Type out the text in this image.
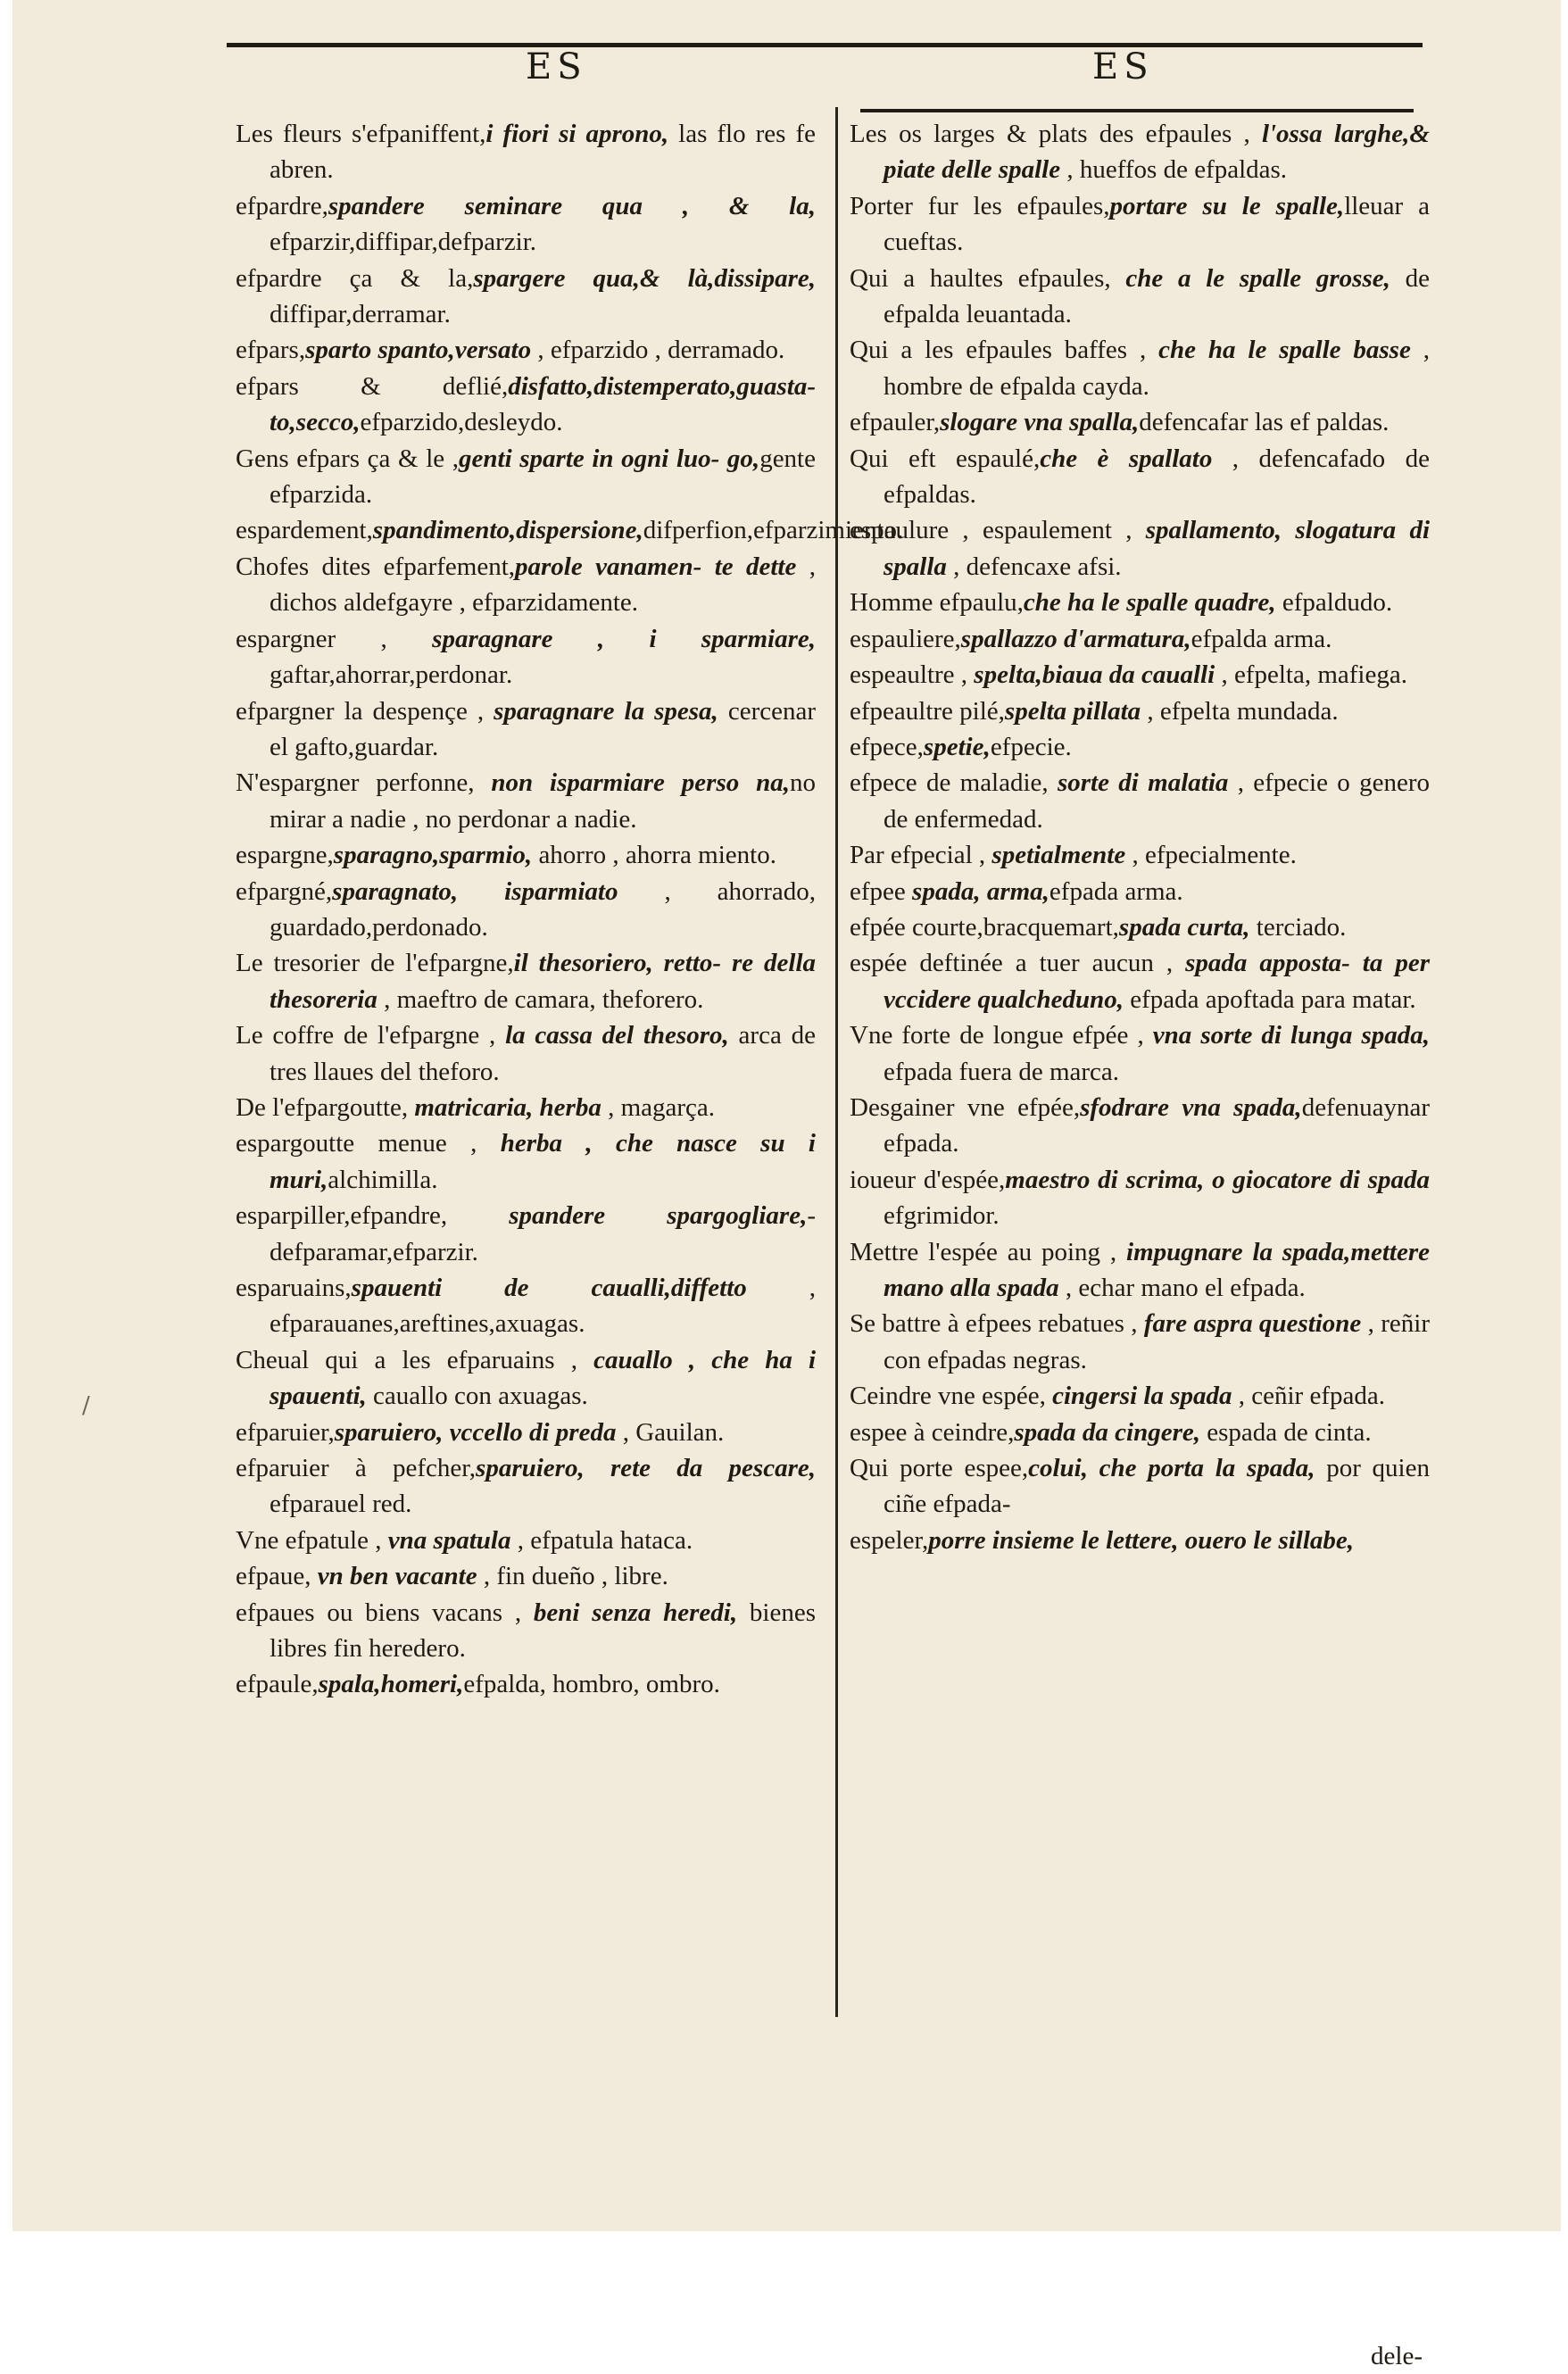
ES	ES
Les fleurs s'efpaniffent,i fiori si aprono, las flo res fe abren.
efpardre,spandere seminare qua , & la, efparzir,diffipar,defparzir.
efpardre ça & la,spargere qua,& là,dissipare, diffipar,derramar.
efpars,sparto spanto,versato , efparzido , derramado.
efpars & deflié,disfatto,distemperato,guasta- to,secco,efparzido,desleydo.
Gens efpars ça & le ,genti sparte in ogni luo- go,gente efparzida.
espardement,spandimento,dispersione,difperfion,efparzimiento.
Chofes dites efparfement,parole vanamen- te dette , dichos aldefgayre , efparzidamente.
espargner , sparagnare , i sparmiare, gaftar,ahorrar,perdonar.
efpargner la despençe , sparagnare la spesa, cercenar el gafto,guardar.
N'espargner perfonne, non isparmiare perso na,no mirar a nadie , no perdonar a nadie.
espargne,sparagno,sparmio, ahorro , ahorra miento.
efpargné,sparagnato, isparmiato , ahorrado, guardado,perdonado.
Le tresorier de l'efpargne,il thesoriero, retto- re della thesoreria , maeftro de camara, theforero.
Le coffre de l'efpargne , la cassa del thesoro, arca de tres llaues del theforo.
De l'efpargoutte, matricaria, herba , magarça.
espargoutte menue , herba , che nasce su i muri,alchimilla.
esparpiller,efpandre, spandere spargogliare,- defparamar,efparzir.
esparuains,spauenti de caualli,diffetto , efparauanes,areftines,axuagas.
Cheual qui a les efparuains , cauallo , che ha i spauenti, cauallo con axuagas.
efparuier,sparuiero, vccello di preda , Gauilan.
efparuier à pefcher,sparuiero, rete da pescare, efparauel red.
Vne efpatule , vna spatula , efpatula hataca.
efpaue, vn ben vacante , fin dueño , libre.
efpaues ou biens vacans , beni senza heredi, bienes libres fin heredero.
efpaule,spala,homeri,efpalda, hombro, ombro.
Les os larges & plats des efpaules , l'ossa larghe,& piate delle spalle , hueffos de efpaldas.
Porter fur les efpaules,portare su le spalle,lleuar a cueftas.
Qui a haultes efpaules, che a le spalle grosse, de efpalda leuantada.
Qui a les efpaules baffes , che ha le spalle basse , hombre de efpalda cayda.
efpauler,slogare vna spalla,defencafar las ef paldas.
Qui eft espaulé,che è spallato , defencafado de efpaldas.
espaulure , espaulement , spallamento, slogatura di spalla , defencaxe afsi.
Homme efpaulu,che ha le spalle quadre, efpaldudo.
espauliere,spallazzo d'armatura,efpalda arma.
espeaultre , spelta,biaua da caualli , efpelta, mafiega.
efpeaultre pilé,spelta pillata , efpelta mundada.
efpece,spetie,efpecie.
efpece de maladie, sorte di malatia , efpecie o genero de enfermedad.
Par efpecial , spetialmente , efpecialmente.
efpee spada, arma,efpada arma.
efpée courte,bracquemart,spada curta, terciado.
espée deftinée a tuer aucun , spada apposta- ta per vccidere qualcheduno, efpada apoftada para matar.
Vne forte de longue efpée , vna sorte di lunga spada, efpada fuera de marca.
Desgainer vne efpée,sfodrare vna spada,defenuaynar efpada.
ioueur d'espée,maestro di scrima, o giocatore di spada efgrimidor.
Mettre l'espée au poing , impugnare la spada,mettere mano alla spada , echar mano el efpada.
Se battre à efpees rebatues , fare aspra questione , reñir con efpadas negras.
Ceindre vne espée, cingersi la spada , ceñir efpada.
espee à ceindre,spada da cingere, espada de cinta.
Qui porte espee,colui, che porta la spada, por quien ciñe efpada-
espeler,porre insieme le lettere, ouero le sillabe,
dele-
/
